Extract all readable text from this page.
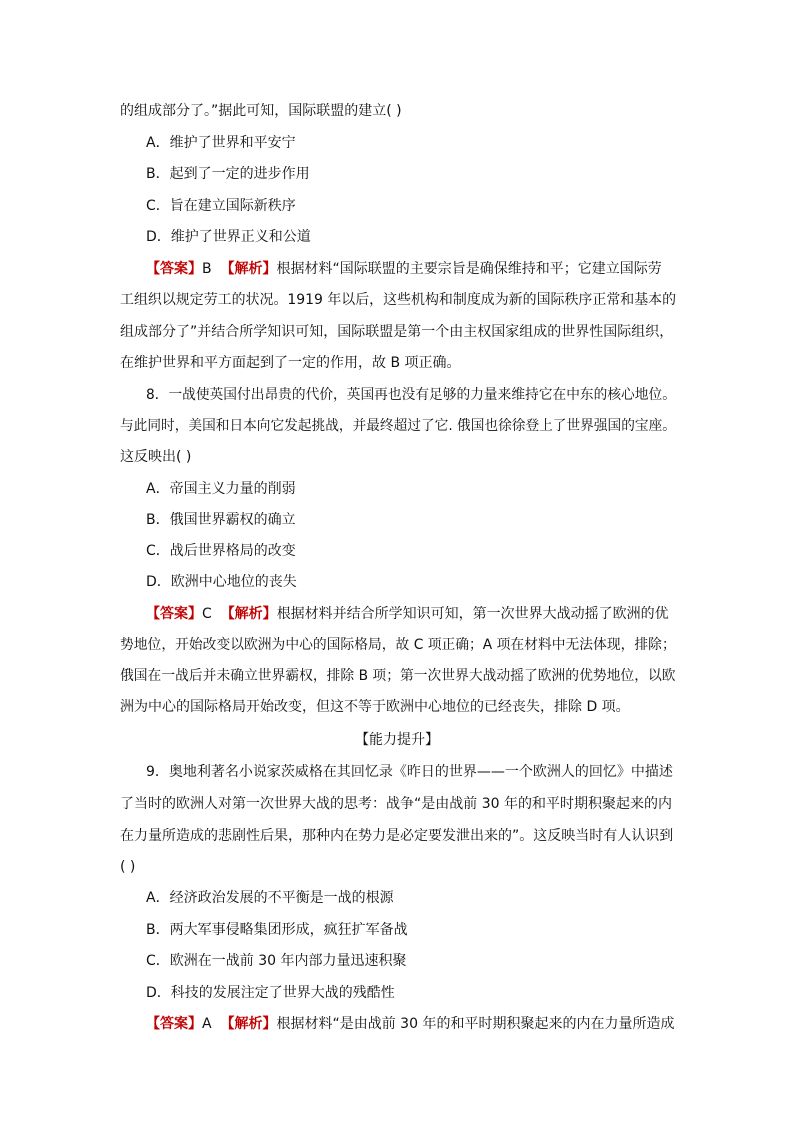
的组成部分了。”据此可知，国际联盟的建立( )
A．维护了世界和平安宁
B．起到了一定的进步作用
C．旨在建立国际新秩序
D．维护了世界正义和公道
【答案】B 【解析】根据材料“国际联盟的主要宗旨是确保维持和平；它建立国际劳
工组织以规定劳工的状况。1919 年以后，这些机构和制度成为新的国际秩序正常和基本的
组成部分了”并结合所学知识可知，国际联盟是第一个由主权国家组成的世界性国际组织，
在维护世界和平方面起到了一定的作用，故 B 项正确。
8．一战使英国付出昂贵的代价，英国再也没有足够的力量来维持它在中东的核心地位。
与此同时，美国和日本向它发起挑战，并最终超过了它. 俄国也徐徐登上了世界强国的宝座。
这反映出( )
A．帝国主义力量的削弱
B．俄国世界霸权的确立
C．战后世界格局的改变
D．欧洲中心地位的丧失
【答案】C 【解析】根据材料并结合所学知识可知，第一次世界大战动摇了欧洲的优
势地位，开始改变以欧洲为中心的国际格局，故 C 项正确；A 项在材料中无法体现，排除；
俄国在一战后并未确立世界霸权，排除 B 项；第一次世界大战动摇了欧洲的优势地位，以欧
洲为中心的国际格局开始改变，但这不等于欧洲中心地位的已经丧失，排除 D 项。
【能力提升】
9．奥地利著名小说家茨威格在其回忆录《昨日的世界——一个欧洲人的回忆》中描述
了当时的欧洲人对第一次世界大战的思考：战争“是由战前 30 年的和平时期积聚起来的内
在力量所造成的悲剧性后果，那种内在势力是必定要发泄出来的”。这反映当时有人认识到
( )
A．经济政治发展的不平衡是一战的根源
B．两大军事侵略集团形成，疯狂扩军备战
C．欧洲在一战前 30 年内部力量迅速积聚
D．科技的发展注定了世界大战的残酷性
【答案】A 【解析】根据材料“是由战前 30 年的和平时期积聚起来的内在力量所造成
